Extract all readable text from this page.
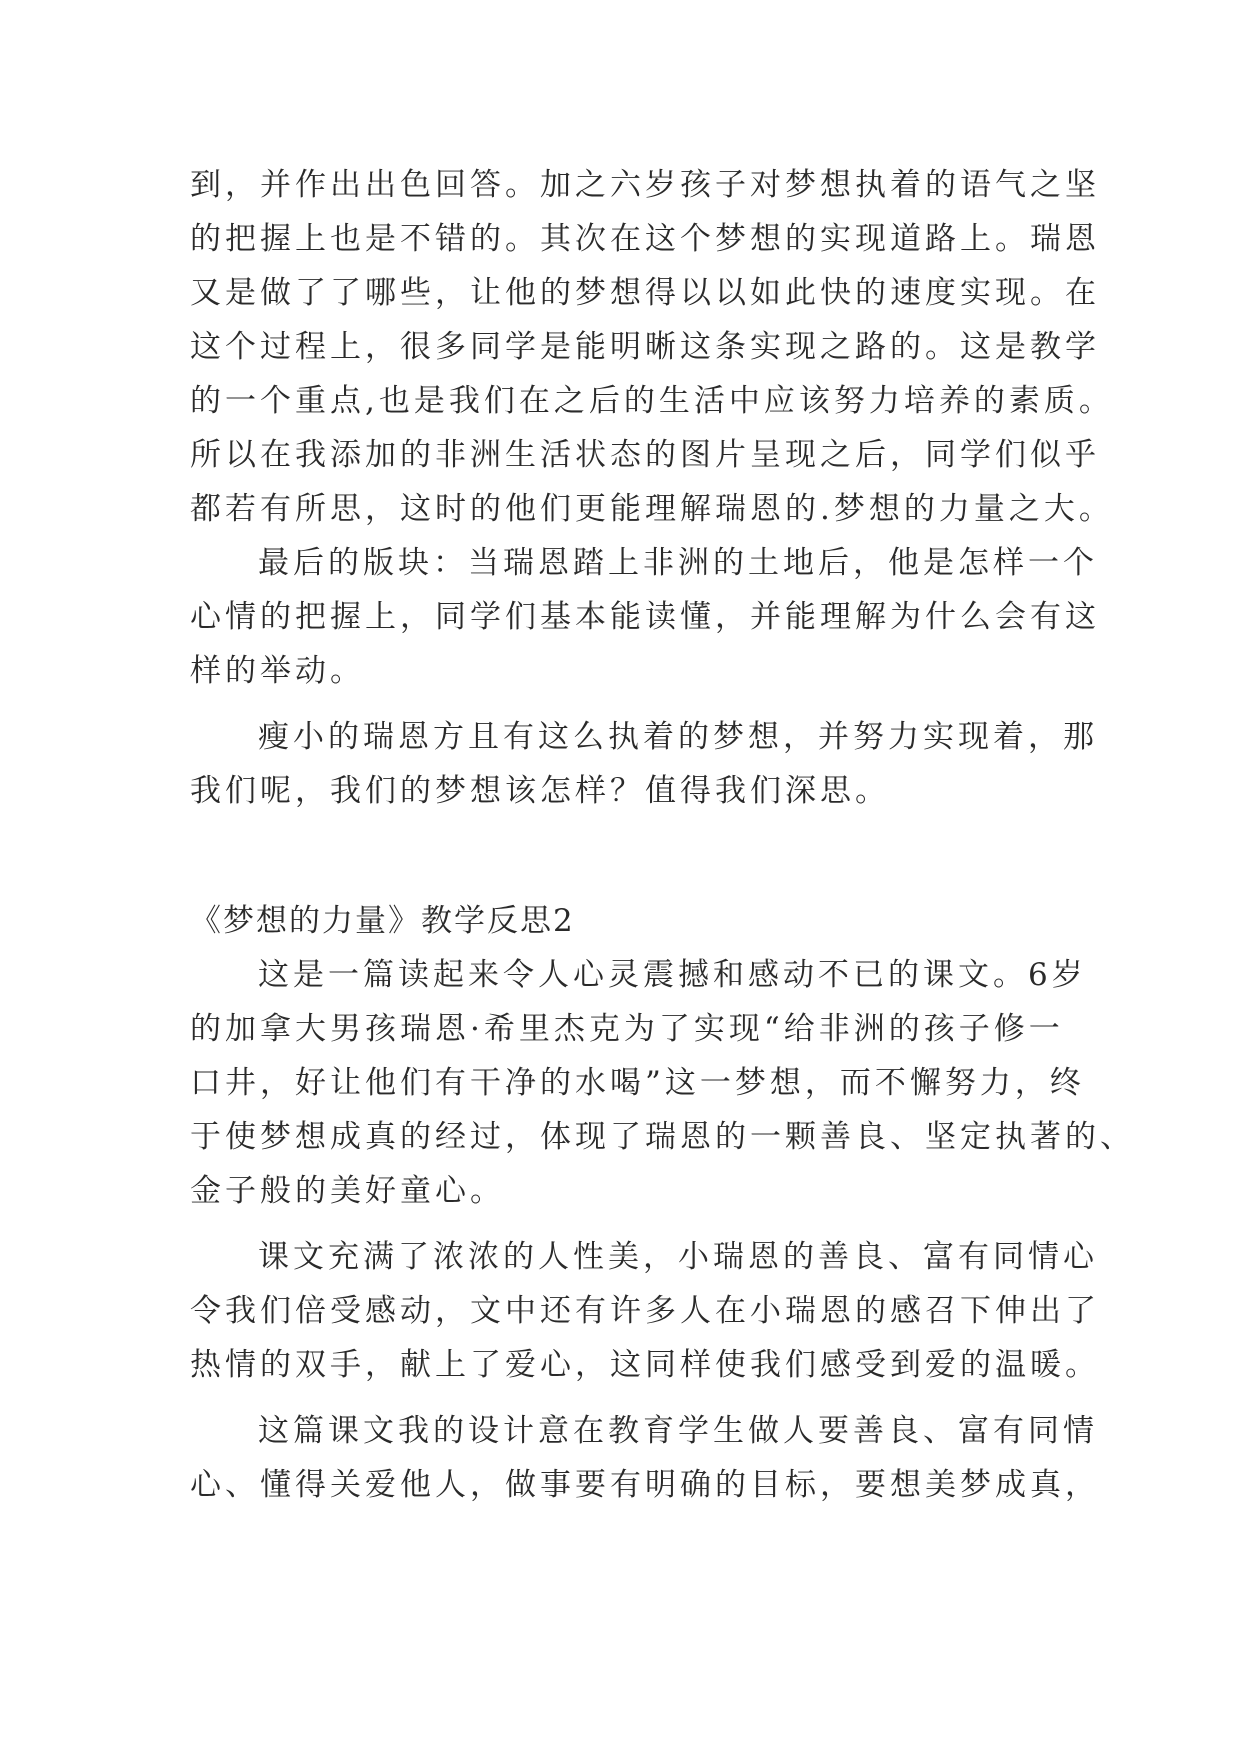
到，并作出出色回答。加之六岁孩子对梦想执着的语气之坚
的把握上也是不错的。其次在这个梦想的实现道路上。瑞恩
又是做了了哪些，让他的梦想得以以如此快的速度实现。在
这个过程上，很多同学是能明晰这条实现之路的。这是教学
的一个重点,也是我们在之后的生活中应该努力培养的素质。
所以在我添加的非洲生活状态的图片呈现之后，同学们似乎
都若有所思，这时的他们更能理解瑞恩的.梦想的力量之大。
最后的版块：当瑞恩踏上非洲的土地后，他是怎样一个
心情的把握上，同学们基本能读懂，并能理解为什么会有这
样的举动。
瘦小的瑞恩方且有这么执着的梦想，并努力实现着，那
我们呢，我们的梦想该怎样？值得我们深思。
《梦想的力量》教学反思2
这是一篇读起来令人心灵震撼和感动不已的课文。6岁
的加拿大男孩瑞恩·希里杰克为了实现“给非洲的孩子修一
口井，好让他们有干净的水喝”这一梦想，而不懈努力，终
于使梦想成真的经过，体现了瑞恩的一颗善良、坚定执著的、
金子般的美好童心。
课文充满了浓浓的人性美，小瑞恩的善良、富有同情心
令我们倍受感动，文中还有许多人在小瑞恩的感召下伸出了
热情的双手，献上了爱心，这同样使我们感受到爱的温暖。
这篇课文我的设计意在教育学生做人要善良、富有同情
心、懂得关爱他人，做事要有明确的目标，要想美梦成真，
